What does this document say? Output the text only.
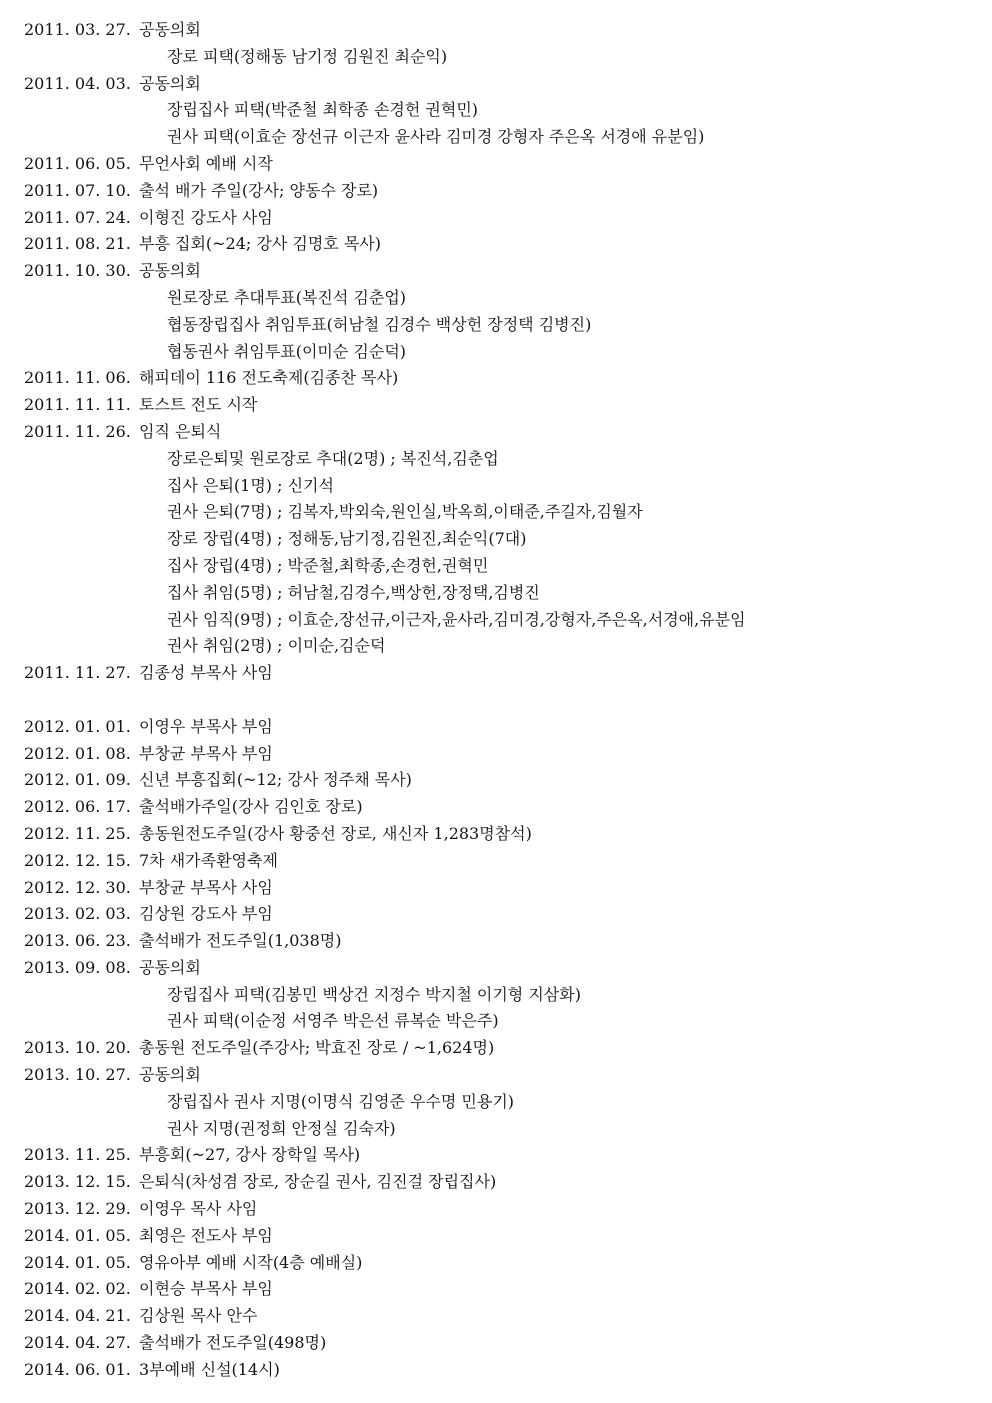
2011. 03. 27. 공동의회
장로 피택(정해동 남기정 김원진 최순익)
2011. 04. 03. 공동의회
장립집사 피택(박준철 최학종 손경헌 권혁민)
권사 피택(이효순 장선규 이근자 윤사라 김미경 강형자 주은옥 서경애 유분임)
2011. 06. 05. 무언사회 예배 시작
2011. 07. 10. 출석 배가 주일(강사; 양동수 장로)
2011. 07. 24. 이형진 강도사 사임
2011. 08. 21. 부흥 집회(~24; 강사 김명호 목사)
2011. 10. 30. 공동의회
원로장로 추대투표(복진석 김춘업)
협동장립집사 취임투표(허남철 김경수 백상헌 장정택 김병진)
협동권사 취임투표(이미순 김순덕)
2011. 11. 06. 해피데이 116 전도축제(김종찬 목사)
2011. 11. 11. 토스트 전도 시작
2011. 11. 26. 임직 은퇴식
장로은퇴및 원로장로 추대(2명) ; 복진석,김춘업
집사 은퇴(1명) ; 신기석
권사 은퇴(7명) ; 김복자,박외숙,원인실,박옥희,이태준,주길자,김월자
장로 장립(4명) ; 정해동,남기정,김원진,최순익(7대)
집사 장립(4명) ; 박준철,최학종,손경헌,권혁민
집사 취임(5명) ; 허남철,김경수,백상헌,장정택,김병진
권사 임직(9명) ; 이효순,장선규,이근자,윤사라,김미경,강형자,주은옥,서경애,유분임
권사 취임(2명) ; 이미순,김순덕
2011. 11. 27. 김종성 부목사 사임
2012. 01. 01. 이영우 부목사 부임
2012. 01. 08. 부창균 부목사 부임
2012. 01. 09. 신년 부흥집회(~12; 강사 정주채 목사)
2012. 06. 17. 출석배가주일(강사 김인호 장로)
2012. 11. 25. 총동원전도주일(강사 황중선 장로, 새신자 1,283명참석)
2012. 12. 15. 7차 새가족환영축제
2012. 12. 30. 부창균 부목사 사임
2013. 02. 03. 김상원 강도사 부임
2013. 06. 23. 출석배가 전도주일(1,038명)
2013. 09. 08. 공동의회
장립집사 피택(김봉민 백상건 지정수 박지철 이기형 지삼화)
권사 피택(이순정 서영주 박은선 류복순 박은주)
2013. 10. 20. 총동원 전도주일(주강사; 박효진 장로 / ~1,624명)
2013. 10. 27. 공동의회
장립집사 권사 지명(이명식 김영준 우수명 민용기)
권사 지명(권정희 안정실 김숙자)
2013. 11. 25. 부흥회(~27, 강사 장학일 목사)
2013. 12. 15. 은퇴식(차성겸 장로, 장순길 권사, 김진걸 장립집사)
2013. 12. 29. 이영우 목사 사임
2014. 01. 05. 최영은 전도사 부임
2014. 01. 05. 영유아부 예배 시작(4층 예배실)
2014. 02. 02. 이현승 부목사 부임
2014. 04. 21. 김상원 목사 안수
2014. 04. 27. 출석배가 전도주일(498명)
2014. 06. 01. 3부예배 신설(14시)
